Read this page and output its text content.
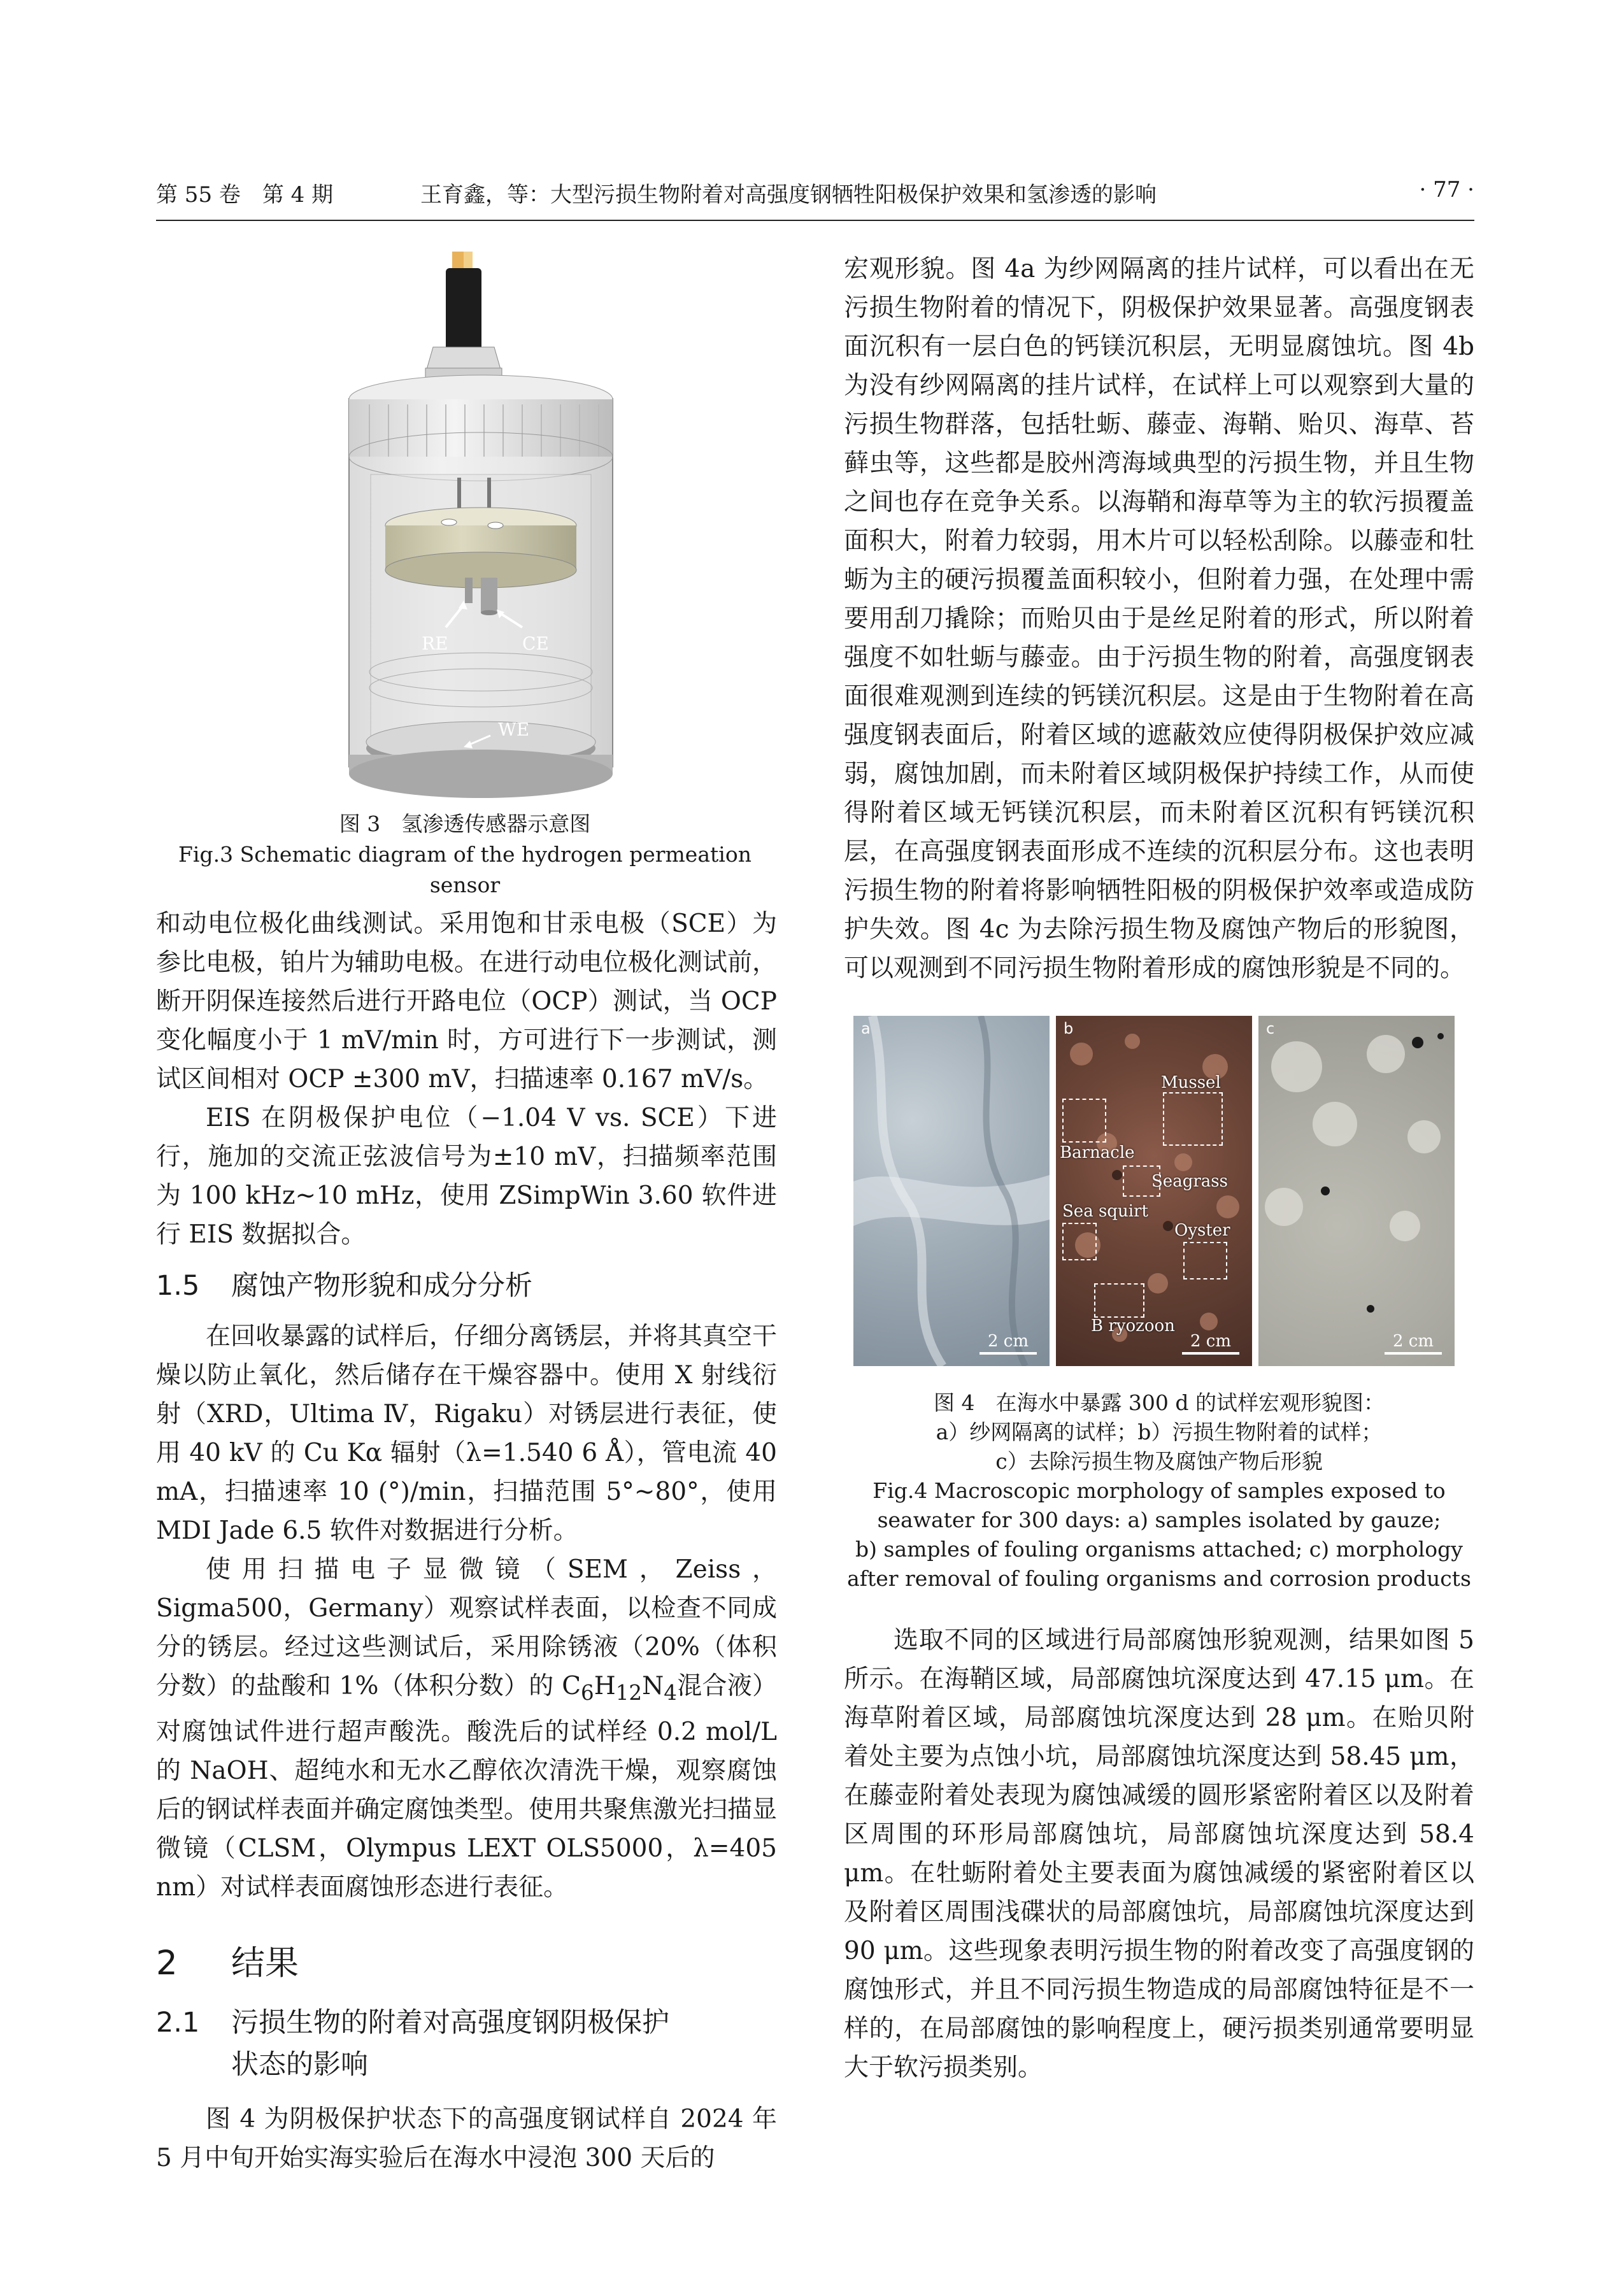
第 55 卷　第 4 期	王育鑫，等：大型污损生物附着对高强度钢牺牲阳极保护效果和氢渗透的影响	· 77 ·
RE	CE
WE
图 3　氢渗透传感器示意图
Fig.3 Schematic diagram of the hydrogen permeation sensor

和动电位极化曲线测试。采用饱和甘汞电极（SCE）为参比电极，铂片为辅助电极。在进行动电位极化测试前，断开阴保连接然后进行开路电位（OCP）测试，当 OCP 变化幅度小于 1 mV/min 时，方可进行下一步测试，测试区间相对 OCP ±300 mV，扫描速率 0.167 mV/s。

EIS 在阴极保护电位（−1.04 V vs. SCE）下进行，施加的交流正弦波信号为±10 mV，扫描频率范围为 100 kHz~10 mHz，使用 ZSimpWin 3.60 软件进行 EIS 数据拟合。

1.5 腐蚀产物形貌和成分分析

在回收暴露的试样后，仔细分离锈层，并将其真空干燥以防止氧化，然后储存在干燥容器中。使用 X 射线衍射（XRD，Ultima Ⅳ，Rigaku）对锈层进行表征，使用 40 kV 的 Cu Kα 辐射（λ=1.540 6 Å），管电流 40 mA，扫描速率 10 (°)/min，扫描范围 5°~80°，使用 MDI Jade 6.5 软件对数据进行分析。

使用扫描电子显微镜（SEM，Zeiss，Sigma500，Germany）观察试样表面，以检查不同成分的锈层。经过这些测试后，采用除锈液（20%（体积分数）的盐酸和 1%（体积分数）的 $C_6H_{12}N_4$混合液）对腐蚀试件进行超声酸洗。酸洗后的试样经 0.2 mol/L 的 NaOH、超纯水和无水乙醇依次清洗干燥，观察腐蚀后的钢试样表面并确定腐蚀类型。使用共聚焦激光扫描显微镜（CLSM，Olympus LEXT OLS5000，λ=405 nm）对试样表面腐蚀形态进行表征。

2 结果
2.1 污损生物的附着对高强度钢阴极保护
状态的影响

图 4 为阴极保护状态下的高强度钢试样自 2024 年 5 月中旬开始实海实验后在海水中浸泡 300 天后的

宏观形貌。图 4a 为纱网隔离的挂片试样，可以看出在无污损生物附着的情况下，阴极保护效果显著。高强度钢表面沉积有一层白色的钙镁沉积层，无明显腐蚀坑。图 4b 为没有纱网隔离的挂片试样，在试样上可以观察到大量的污损生物群落，包括牡蛎、藤壶、海鞘、贻贝、海草、苔藓虫等，这些都是胶州湾海域典型的污损生物，并且生物之间也存在竞争关系。以海鞘和海草等为主的软污损覆盖面积大，附着力较弱，用木片可以轻松刮除。以藤壶和牡蛎为主的硬污损覆盖面积较小，但附着力强，在处理中需要用刮刀撬除；而贻贝由于是丝足附着的形式，所以附着强度不如牡蛎与藤壶。由于污损生物的附着，高强度钢表面很难观测到连续的钙镁沉积层。这是由于生物附着在高强度钢表面后，附着区域的遮蔽效应使得阴极保护效应减弱，腐蚀加剧，而未附着区域阴极保护持续工作，从而使得附着区域无钙镁沉积层，而未附着区沉积有钙镁沉积层，在高强度钢表面形成不连续的沉积层分布。这也表明污损生物的附着将影响牺牲阳极的阴极保护效率或造成防护失效。图 4c 为去除污损生物及腐蚀产物后的形貌图，可以观测到不同污损生物附着形成的腐蚀形貌是不同的。

a
2 cm
b
Mussel
Barnacle
Seagrass
Sea squirt
Oyster
B ryozoon
2 cm
c
2 cm
图 4　在海水中暴露 300 d 的试样宏观形貌图：
a）纱网隔离的试样；b）污损生物附着的试样；
c）去除污损生物及腐蚀产物后形貌
Fig.4 Macroscopic morphology of samples exposed to
seawater for 300 days: a) samples isolated by gauze;
b) samples of fouling organisms attached; c) morphology
after removal of fouling organisms and corrosion products

选取不同的区域进行局部腐蚀形貌观测，结果如图 5 所示。在海鞘区域，局部腐蚀坑深度达到 47.15 μm。在海草附着区域，局部腐蚀坑深度达到 28 μm。在贻贝附着处主要为点蚀小坑，局部腐蚀坑深度达到 58.45 μm，在藤壶附着处表现为腐蚀减缓的圆形紧密附着区以及附着区周围的环形局部腐蚀坑，局部腐蚀坑深度达到 58.4 μm。在牡蛎附着处主要表面为腐蚀减缓的紧密附着区以及附着区周围浅碟状的局部腐蚀坑，局部腐蚀坑深度达到 90 μm。这些现象表明污损生物的附着改变了高强度钢的腐蚀形式，并且不同污损生物造成的局部腐蚀特征是不一样的，在局部腐蚀的影响程度上，硬污损类别通常要明显大于软污损类别。
